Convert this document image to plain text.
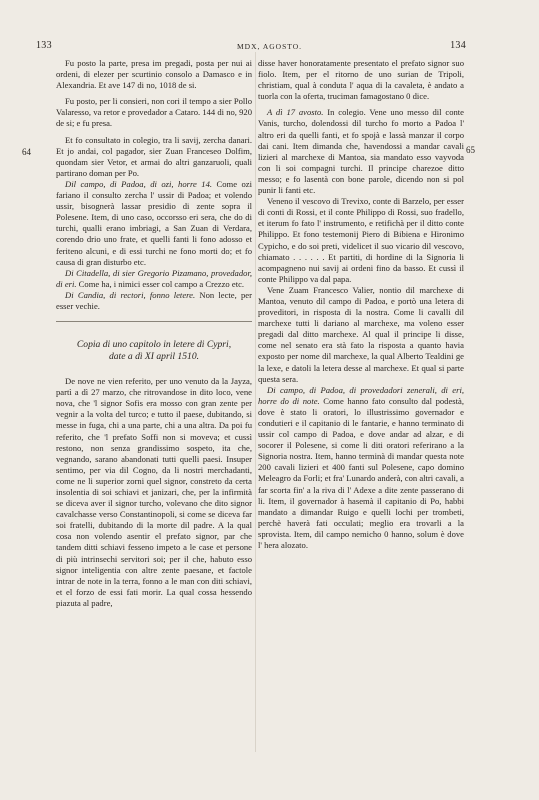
133	MDX, AGOSTO.	134
64	65

Fu posto la parte, presa im pregadi, posta per nui ai ordeni, di elezer per scurtinio consolo a Damasco e in Alexandria. Et ave 147 di no, 1018 de si.

Fu posto, per li consieri, non cori il tempo a sier Pollo Valaresso, va retor e provedador a Cataro. 144 di no, 920 de si; e fu presa.

Et fo consultato in colegio, tra li savij, zercha danari. Et jo andai, col pagador, sier Zuan Franceseo Dolfim, quondam sier Vetor, et armai do altri ganzaruoli, quali partirano doman per Po.

Dil campo, di Padoa, di ozi, horre 14. Come ozi fariano il consulto zercha l' ussir di Padoa; et volendo ussir, bisognerà lassar presidio di zente sopra il Polesene. Item, di uno caso, occorsso eri sera, che do di turchi, qualli erano imbriagi, a San Zuan di Verdara, corendo drio uno frate, et quelli fanti li fono adosso et feriteno alcuni, e di essi turchi ne fono morti do; et fo causa di gran disturbo etc.

Di Citadella, di sier Gregorio Pizamano, provedador, di eri. Come ha, i nimici esser col campo a Crezzo etc.

Di Candia, di rectori, fonno letere. Non lecte, per esser vechie.

Copia di uno capitolo in letere di Cypri,
date a dì XI april 1510.

De nove ne vien referito, per uno venuto da la Jayza, partì a dì 27 marzo, che ritrovandose in dito loco, vene nova, che 'l signor Sofis era mosso con gran zente per vegnir a la volta del turco; e tutto il paese, dubitando, si messe in fuga, chi a una parte, chi a una altra. Da poi fu referito, che 'l prefato Soffi non si moveva; et cussì restono, non senza grandissimo sospeto, ita che, vegnando, sarano abandonati tutti quelli paesi. Insuper sentimo, per via dil Cogno, da li nostri merchadanti, come ne li superior zorni quel signor, constreto da certa insolentia di soi schiavi et janizari, che, per la infirmità se diceva aver il signor turcho, volevano che dito signor cavalchasse verso Constantinopoli, si come se diceva far soi fratelli, dubitando di la morte dil padre. A la qual cosa non volendo asentir el prefato signor, par che tandem ditti schiavi fesseno impeto a le case et persone di più intrinsechi servitori soi; per il che, habuto esso signor inteligentia con altre zente paesane, et factole intrar de note in la terra, fonno a le man con diti schiavi, et el forzo de essi fati morir. La qual cossa hessendo piazuta al padre,

disse haver honoratamente presentato el prefato signor suo fiolo. Item, per el ritorno de uno surian de Tripoli, christiam, qual à conduta l' aqua di la cavaleta, è andato a tuorla con la oferta, truciman famagostano 0 dice.

A dì 17 avosto. In colegio. Vene uno messo dil conte Vanis, turcho, dolendossi dil turcho fo morto a Padoa l' altro eri da quelli fanti, et fo spojà e lassà manzar il corpo dai cani. Item dimanda che, havendossi a mandar cavali lizieri al marchexe di Mantoa, sia mandato esso vayvoda con li soi compagni turchi. Il principe charezoe ditto messo; e fo lasentà con bone parole, dicendo non si pol punir li fanti etc.

Veneno il vescovo di Trevixo, conte di Barzelo, per esser di conti di Rossi, et il conte Philippo di Rossi, suo fradello, et iterum fo fato l' instrumento, e retifichà per il ditto conte Philippo. Et fono testemonij Piero di Bibiena e Hironimo Cypicho, e do soi preti, videlicet il suo vicario dil vescovo, chiamato . . . . . . Et partiti, di hordine di la Signoria li acompagneno nui savij ai ordeni fino da basso. Et cussì il conte Philippo va dal papa.

Vene Zuam Francesco Valier, nontio dil marchexe di Mantoa, venuto dil campo di Padoa, e portò una letera di proveditori, in risposta di la nostra. Come li cavalli dil marchexe tutti li dariano al marchexe, ma voleno esser pregadi dal ditto marchexe. Al qual il principe li disse, come nel senato era stà fato la risposta a quanto havia exposto per nome dil marchexe, la qual Alberto Tealdini ge la lexe, e datoli la letera desse al marchexe. Et qual si parte questa sera.

Di campo, di Padoa, di provedadori zenerali, di eri, horre do di note. Come hanno fato consulto dal podestà, dove è stato li oratori, lo illustrissimo governador e condutieri e il capitanio di le fantarie, e hanno terminato di ussir col campo di Padoa, e dove andar ad alzar, e di socorer il Polesene, si come li diti oratori referirano a la Signoria nostra. Item, hanno terminà di mandar questa note 200 cavali lizieri et 400 fanti sul Polesene, capo domino Meleagro da Forli; et fra' Lunardo anderà, con altri cavali, a far scorta fin' a la riva di l' Adexe a dite zente passerano di li. Item, il governador à hasemà il capitanio di Po, habbi mandato a dimandar Ruigo e quelli lochi per trombeti, perchè haverà fati occulati; meglio era trovarli a la sprovista. Item, dil campo nemicho 0 hanno, solum è dove l' hera alozato.
